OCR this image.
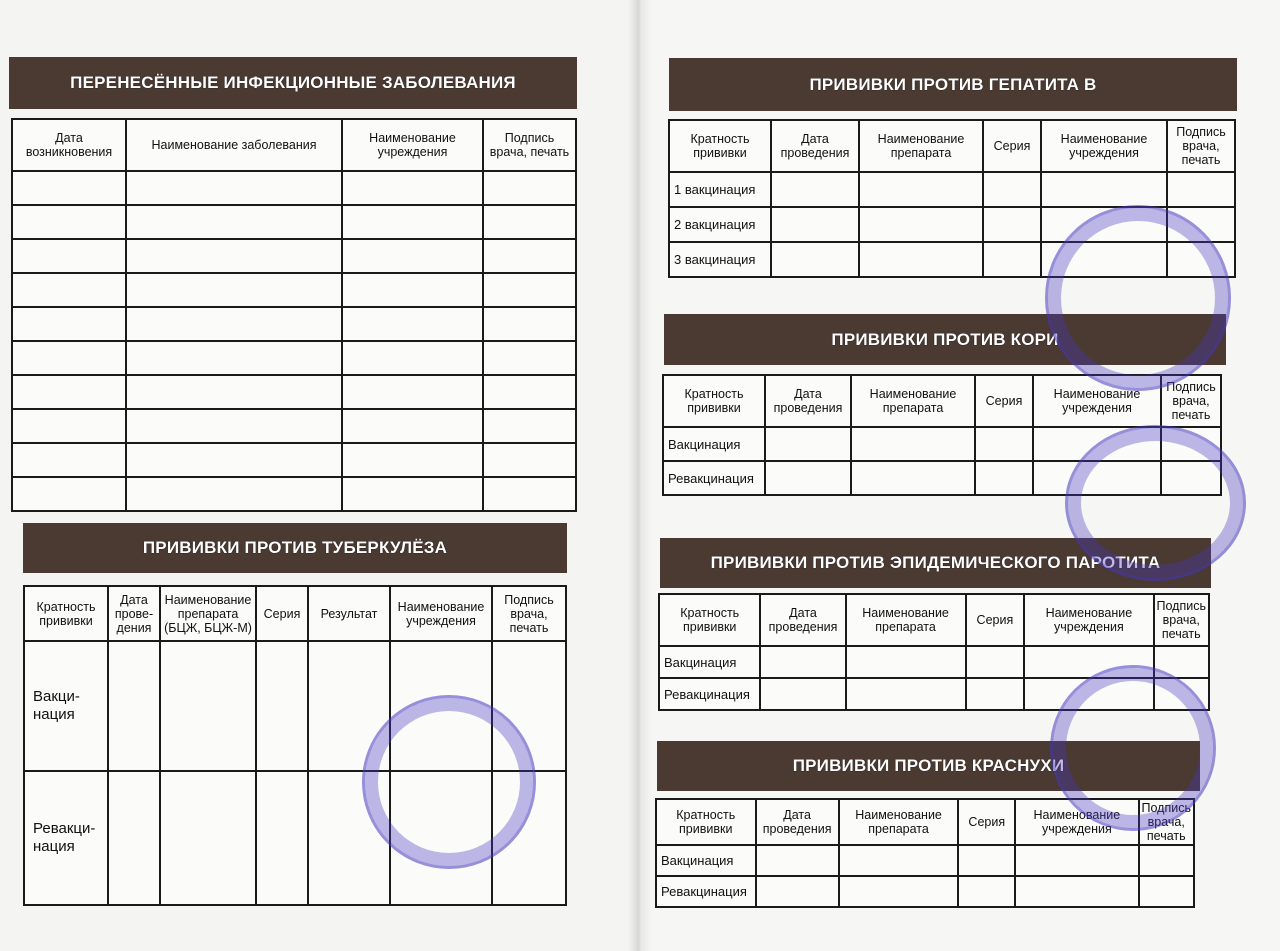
ПЕРЕНЕСЁННЫЕ ИНФЕКЦИОННЫЕ ЗАБОЛЕВАНИЯ
Дата возникновения	Наименование заболевания	Наименование учреждения	Подпись врача, печать

ПРИВИВКИ ПРОТИВ ТУБЕРКУЛЁЗА
Кратность прививки	Дата прове-дения	Наименование препарата (БЦЖ, БЦЖ-М)	Серия	Результат	Наименование учреждения	Подпись врача, печать
Вакци-нация						
Ревакци-нация						
ПРИВИВКИ ПРОТИВ ГЕПАТИТА В
Кратность прививки	Дата проведения	Наименование препарата	Серия	Наименование учреждения	Подпись врача, печать
1 вакцинация					
2 вакцинация					
3 вакцинация					
ПРИВИВКИ ПРОТИВ КОРИ
Кратность прививки	Дата проведения	Наименование препарата	Серия	Наименование учреждения	Подпись врача, печать
Вакцинация					
Ревакцинация					
ПРИВИВКИ ПРОТИВ ЭПИДЕМИЧЕСКОГО ПАРОТИТА
Кратность прививки	Дата проведения	Наименование препарата	Серия	Наименование учреждения	Подпись врача, печать
Вакцинация					
Ревакцинация					
ПРИВИВКИ ПРОТИВ КРАСНУХИ
Кратность прививки	Дата проведения	Наименование препарата	Серия	Наименование учреждения	Подпись врача, печать
Вакцинация					
Ревакцинация					
